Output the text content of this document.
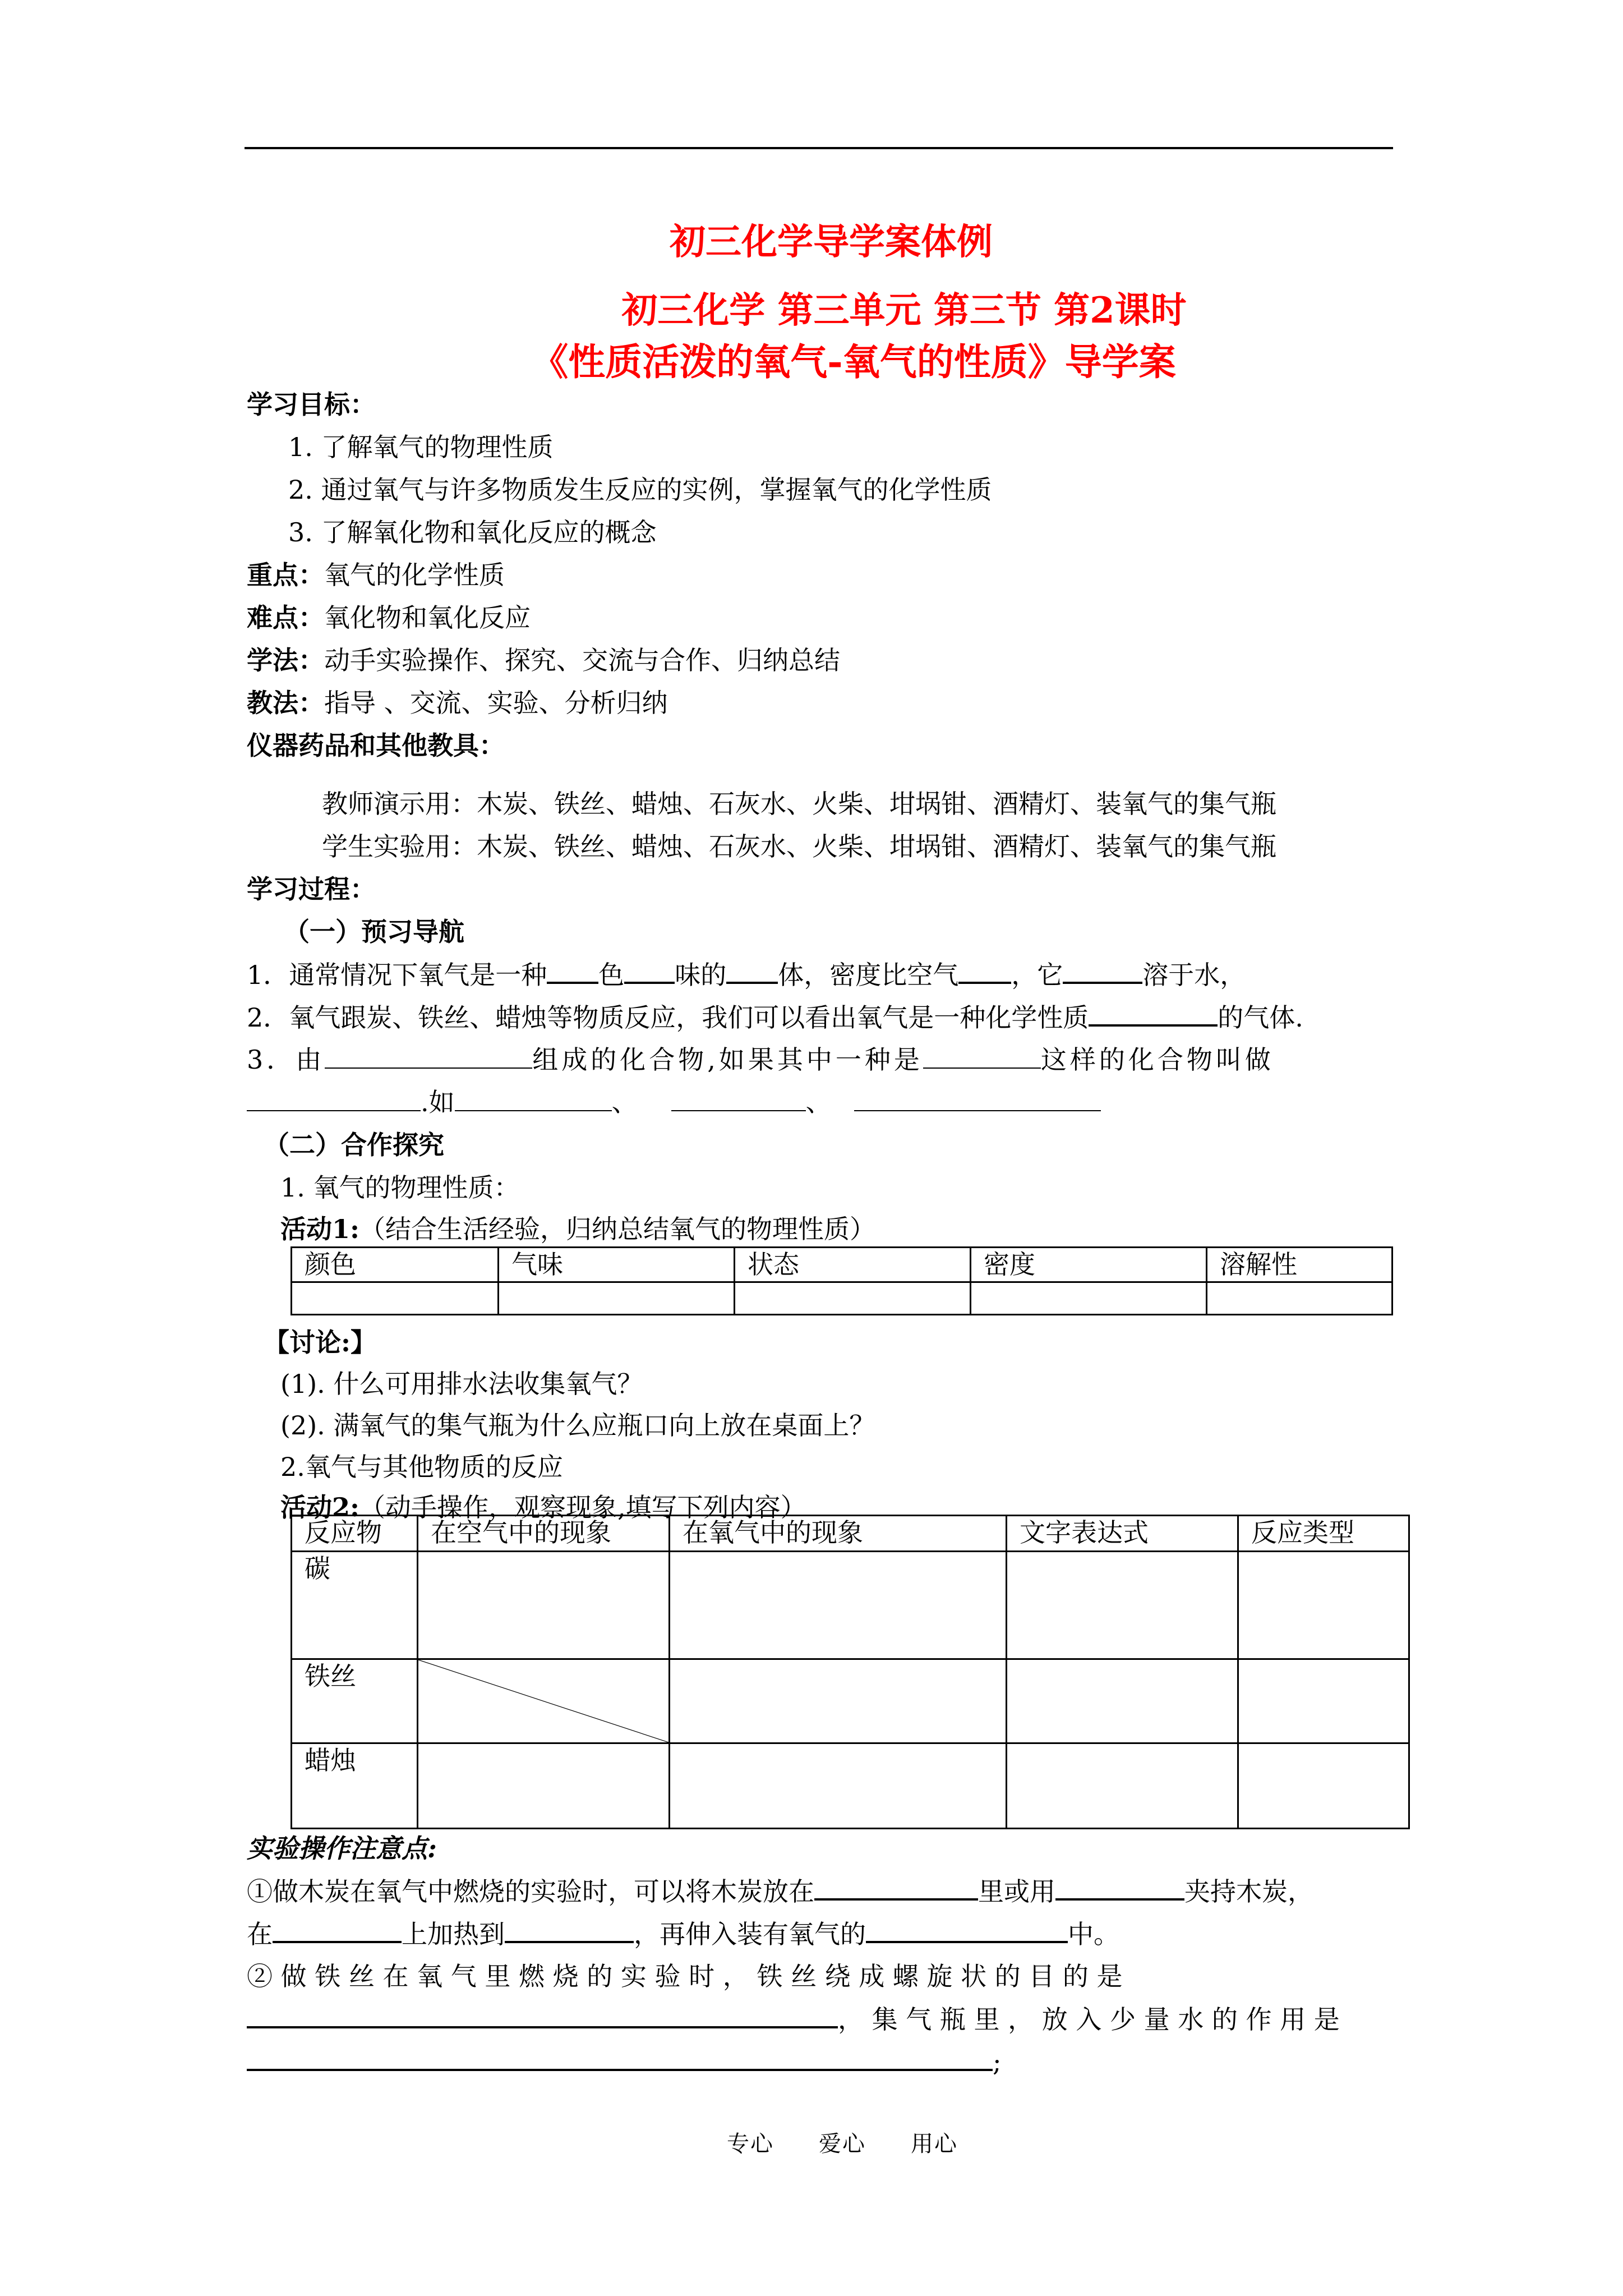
初三化学导学案体例
初三化学 第三单元 第三节 第2课时
《性质活泼的氧气-氧气的性质》导学案
学习目标：
1. 了解氧气的物理性质
2. 通过氧气与许多物质发生反应的实例，掌握氧气的化学性质
3. 了解氧化物和氧化反应的概念
重点：氧气的化学性质
难点：氧化物和氧化反应
学法：动手实验操作、探究、交流与合作、归纳总结
教法：指导 、交流、实验、分析归纳
仪器药品和其他教具：
教师演示用：木炭、铁丝、蜡烛、石灰水、火柴、坩埚钳、酒精灯、装氧气的集气瓶
学生实验用：木炭、铁丝、蜡烛、石灰水、火柴、坩埚钳、酒精灯、装氧气的集气瓶
学习过程：
（一）预习导航
1．通常情况下氧气是一种 色 味的 体，密度比空气 ，它	溶于水，
2．氧气跟炭、铁丝、蜡烛等物质反应，我们可以看出氧气是一种化学性质	的气体.
3．由	组成的化合物,如果其中一种是	这样的化合物叫做
.如	、	、
（二）合作探究
1. 氧气的物理性质：
活动1:（结合生活经验，归纳总结氧气的物理性质）
颜色	气味	状态	密度	溶解性

【讨论:】
(1). 什么可用排水法收集氧气？
(2). 满氧气的集气瓶为什么应瓶口向上放在桌面上？
2.氧气与其他物质的反应
活动2:（动手操作，观察现象,填写下列内容）
反应物	在空气中的现象	在氧气中的现象	文字表达式	反应类型
碳				
铁丝	

蜡烛				
实验操作注意点:
①做木炭在氧气中燃烧的实验时，可以将木炭放在	里或用	夹持木炭，
在	上加热到	，再伸入装有氧气的	中。
② 做 铁 丝 在 氧 气 里 燃 烧 的 实 验 时 ， 铁 丝 绕 成 螺 旋 状 的 目 的 是
， 集 气 瓶 里 ， 放 入 少 量 水 的 作 用 是
;
专心 爱心 用心
